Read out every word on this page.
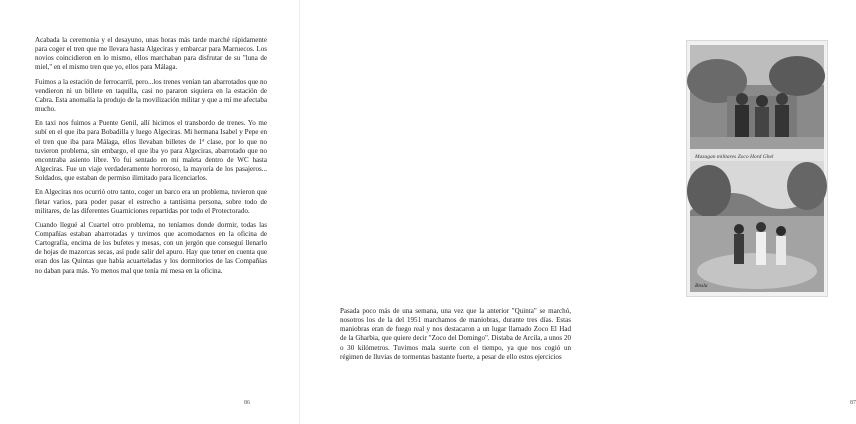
Acabada la ceremonia y el desayuno, unas horas más tarde marché rápidamente para coger el tren que me llevara hasta Algeciras y embarcar para Marruecos. Los novios coincidieron en lo mismo, ellos marchaban para disfrutar de su "luna de miel," en el mismo tren que yo, ellos para Málaga.

Fuimos a la estación de ferrocarril, pero...los trenes venían tan abarrotados que no vendieron ni un billete en taquilla, casi no pararon siquiera en la estación de Cabra. Esta anomalía la produjo de la movilización militar y que a mí me afectaba mucho.

En taxi nos fuimos a Puente Genil, allí hicimos el transbordo de trenes. Yo me subí en el que iba para Bobadilla y luego Algeciras. Mi hermana Isabel y Pepe en el tren que iba para Málaga, ellos llevaban billetes de 1ª clase, por lo que no tuvieron problema, sin embargo, el que iba yo para Algeciras, abarrotado que no encontraba asiento libre. Yo fui sentado en mi maleta dentro de WC hasta Algeciras. Fue un viaje verdaderamente horroroso, la mayoría de los pasajeros... Soldados, que estaban de permiso ilimitado para licenciarlos.

En Algeciras nos ocurrió otro tanto, coger un barco era un problema, tuvieron que fletar varios, para poder pasar el estrecho a tantísima persona, sobre todo de militares, de las diferentes Guarniciones repartidas por todo el Protectorado.

Cuando llegué al Cuartel otro problema, no teníamos donde dormir, todas las Compañías estaban abarrotadas y tuvimos que acomodarnos en la oficina de Cartografía, encima de los bufetes y mesas, con un jergón que conseguí llenarlo de hojas de mazorcas secas, así pude salir del apuro. Hay que tener en cuenta que eran dos las Quintas que había acuarteladas y los dormitorios de las Compañías no daban para más. Yo menos mal que tenía mi mesa en la oficina.

86
Mazagan militares Zoco Hord Ghel
Bnsla
87

Pasada poco más de una semana, una vez que la anterior "Quinta" se marchó, nosotros los de la del 1951 marchamos de maniobras, durante tres días. Estas maniobras eran de fuego real y nos destacaron a un lugar llamado Zoco El Had de la Gharbia, que quiere decir "Zoco del Domingo". Distaba de Arcila, a unos 20 o 30 kilómetros. Tuvimos mala suerte con el tiempo, ya que nos cogió un régimen de lluvias de tormentas bastante fuerte, a pesar de ello estos ejercicios
